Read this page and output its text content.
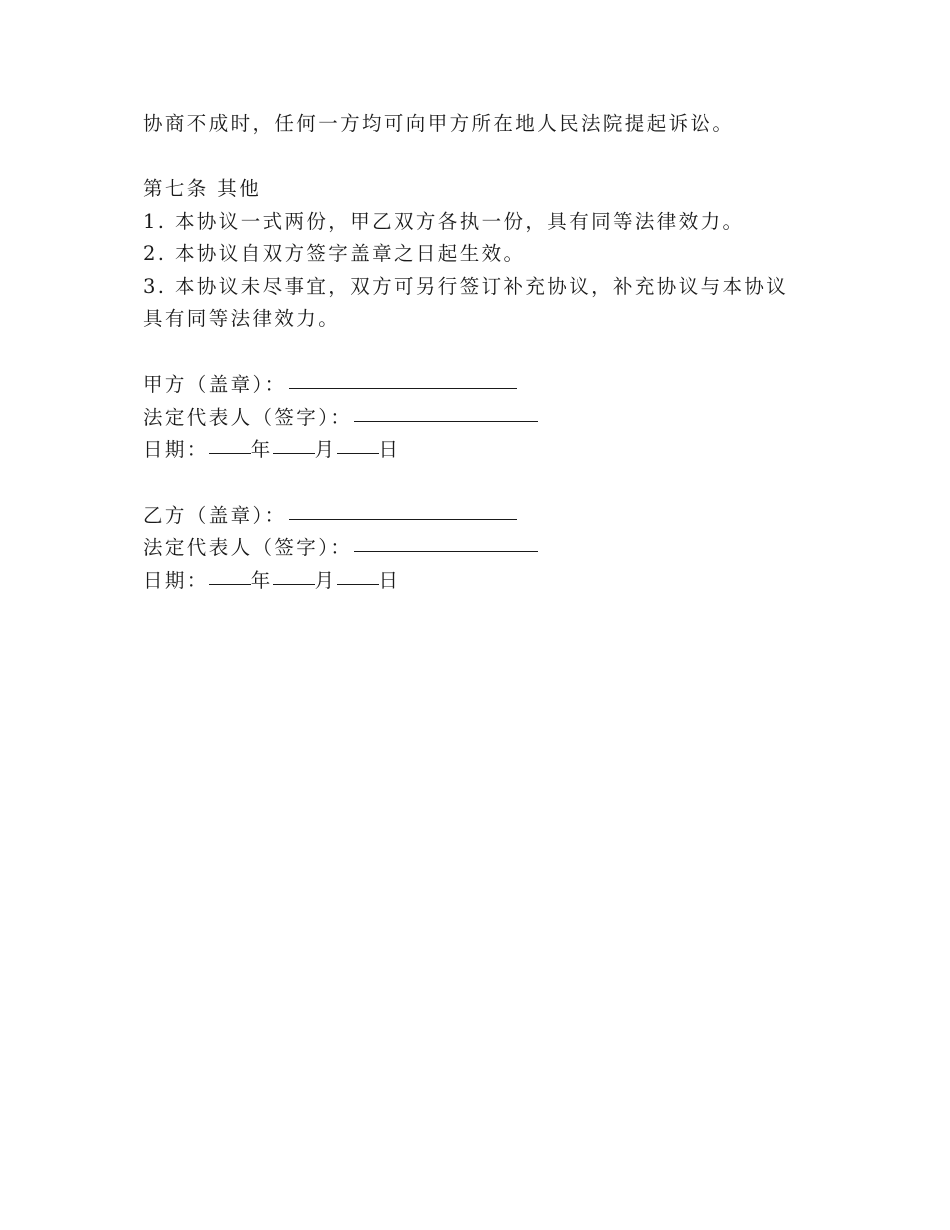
协商不成时，任何一方均可向甲方所在地人民法院提起诉讼。

第七条 其他

1. 本协议一式两份，甲乙双方各执一份，具有同等法律效力。

2. 本协议自双方签字盖章之日起生效。

3. 本协议未尽事宜，双方可另行签订补充协议，补充协议与本协议具有同等法律效力。

甲方（盖章）：
法定代表人（签字）：
日期： 年 月 日
乙方（盖章）：
法定代表人（签字）：
日期： 年 月 日
